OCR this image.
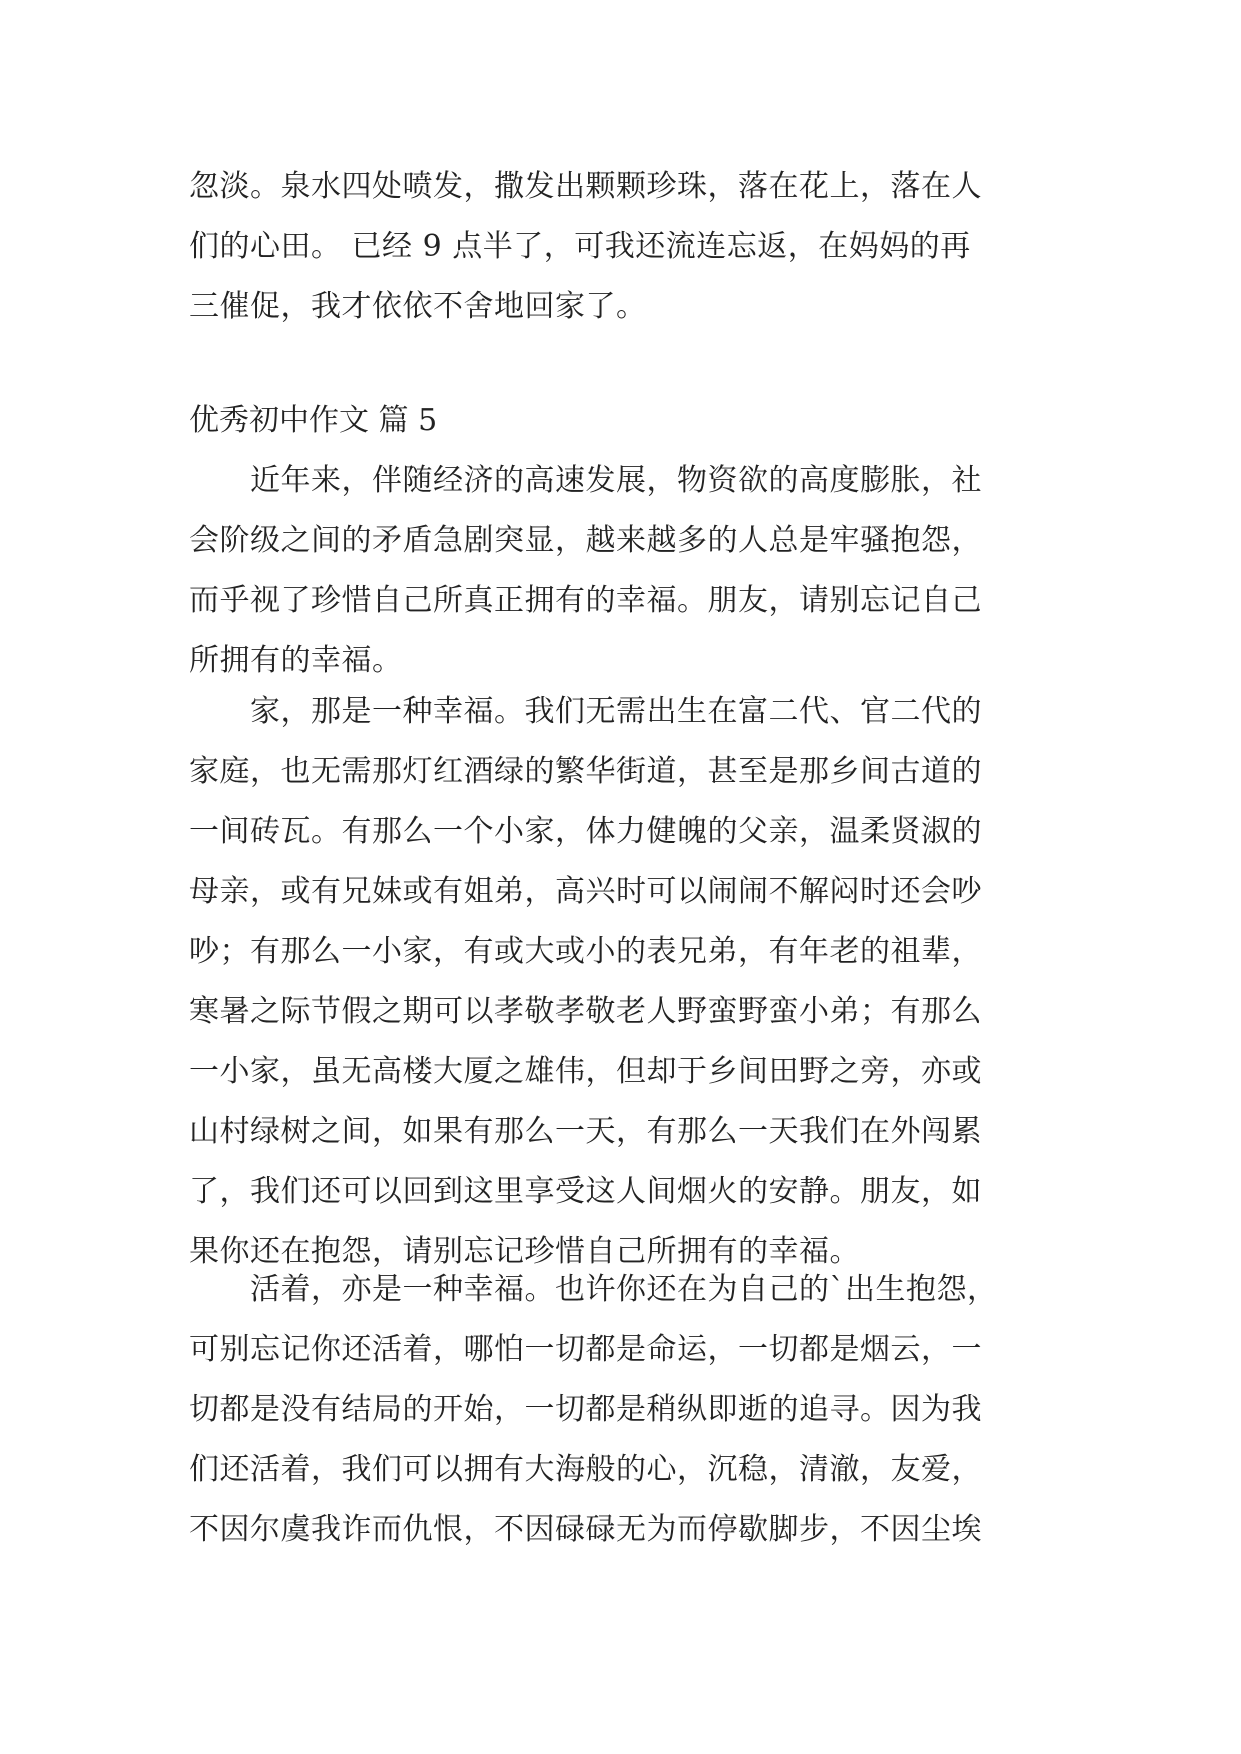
忽淡。泉水四处喷发，撒发出颗颗珍珠，落在花上，落在人
们的心田。 已经 9 点半了，可我还流连忘返，在妈妈的再
三催促，我才依依不舍地回家了。
优秀初中作文 篇 5
　　近年来，伴随经济的高速发展，物资欲的高度膨胀，社
会阶级之间的矛盾急剧突显，越来越多的人总是牢骚抱怨，
而乎视了珍惜自己所真正拥有的幸福。朋友，请别忘记自己
所拥有的幸福。
　　家，那是一种幸福。我们无需出生在富二代、官二代的
家庭，也无需那灯红酒绿的繁华街道，甚至是那乡间古道的
一间砖瓦。有那么一个小家，体力健魄的父亲，温柔贤淑的
母亲，或有兄妹或有姐弟，高兴时可以闹闹不解闷时还会吵
吵；有那么一小家，有或大或小的表兄弟，有年老的祖辈，
寒暑之际节假之期可以孝敬孝敬老人野蛮野蛮小弟；有那么
一小家，虽无高楼大厦之雄伟，但却于乡间田野之旁，亦或
山村绿树之间，如果有那么一天，有那么一天我们在外闯累
了，我们还可以回到这里享受这人间烟火的安静。朋友，如
果你还在抱怨，请别忘记珍惜自己所拥有的幸福。
　　活着，亦是一种幸福。也许你还在为自己的`出生抱怨，
可别忘记你还活着，哪怕一切都是命运，一切都是烟云，一
切都是没有结局的开始，一切都是稍纵即逝的追寻。因为我
们还活着，我们可以拥有大海般的心，沉稳，清澈，友爱，
不因尔虞我诈而仇恨，不因碌碌无为而停歇脚步，不因尘埃
